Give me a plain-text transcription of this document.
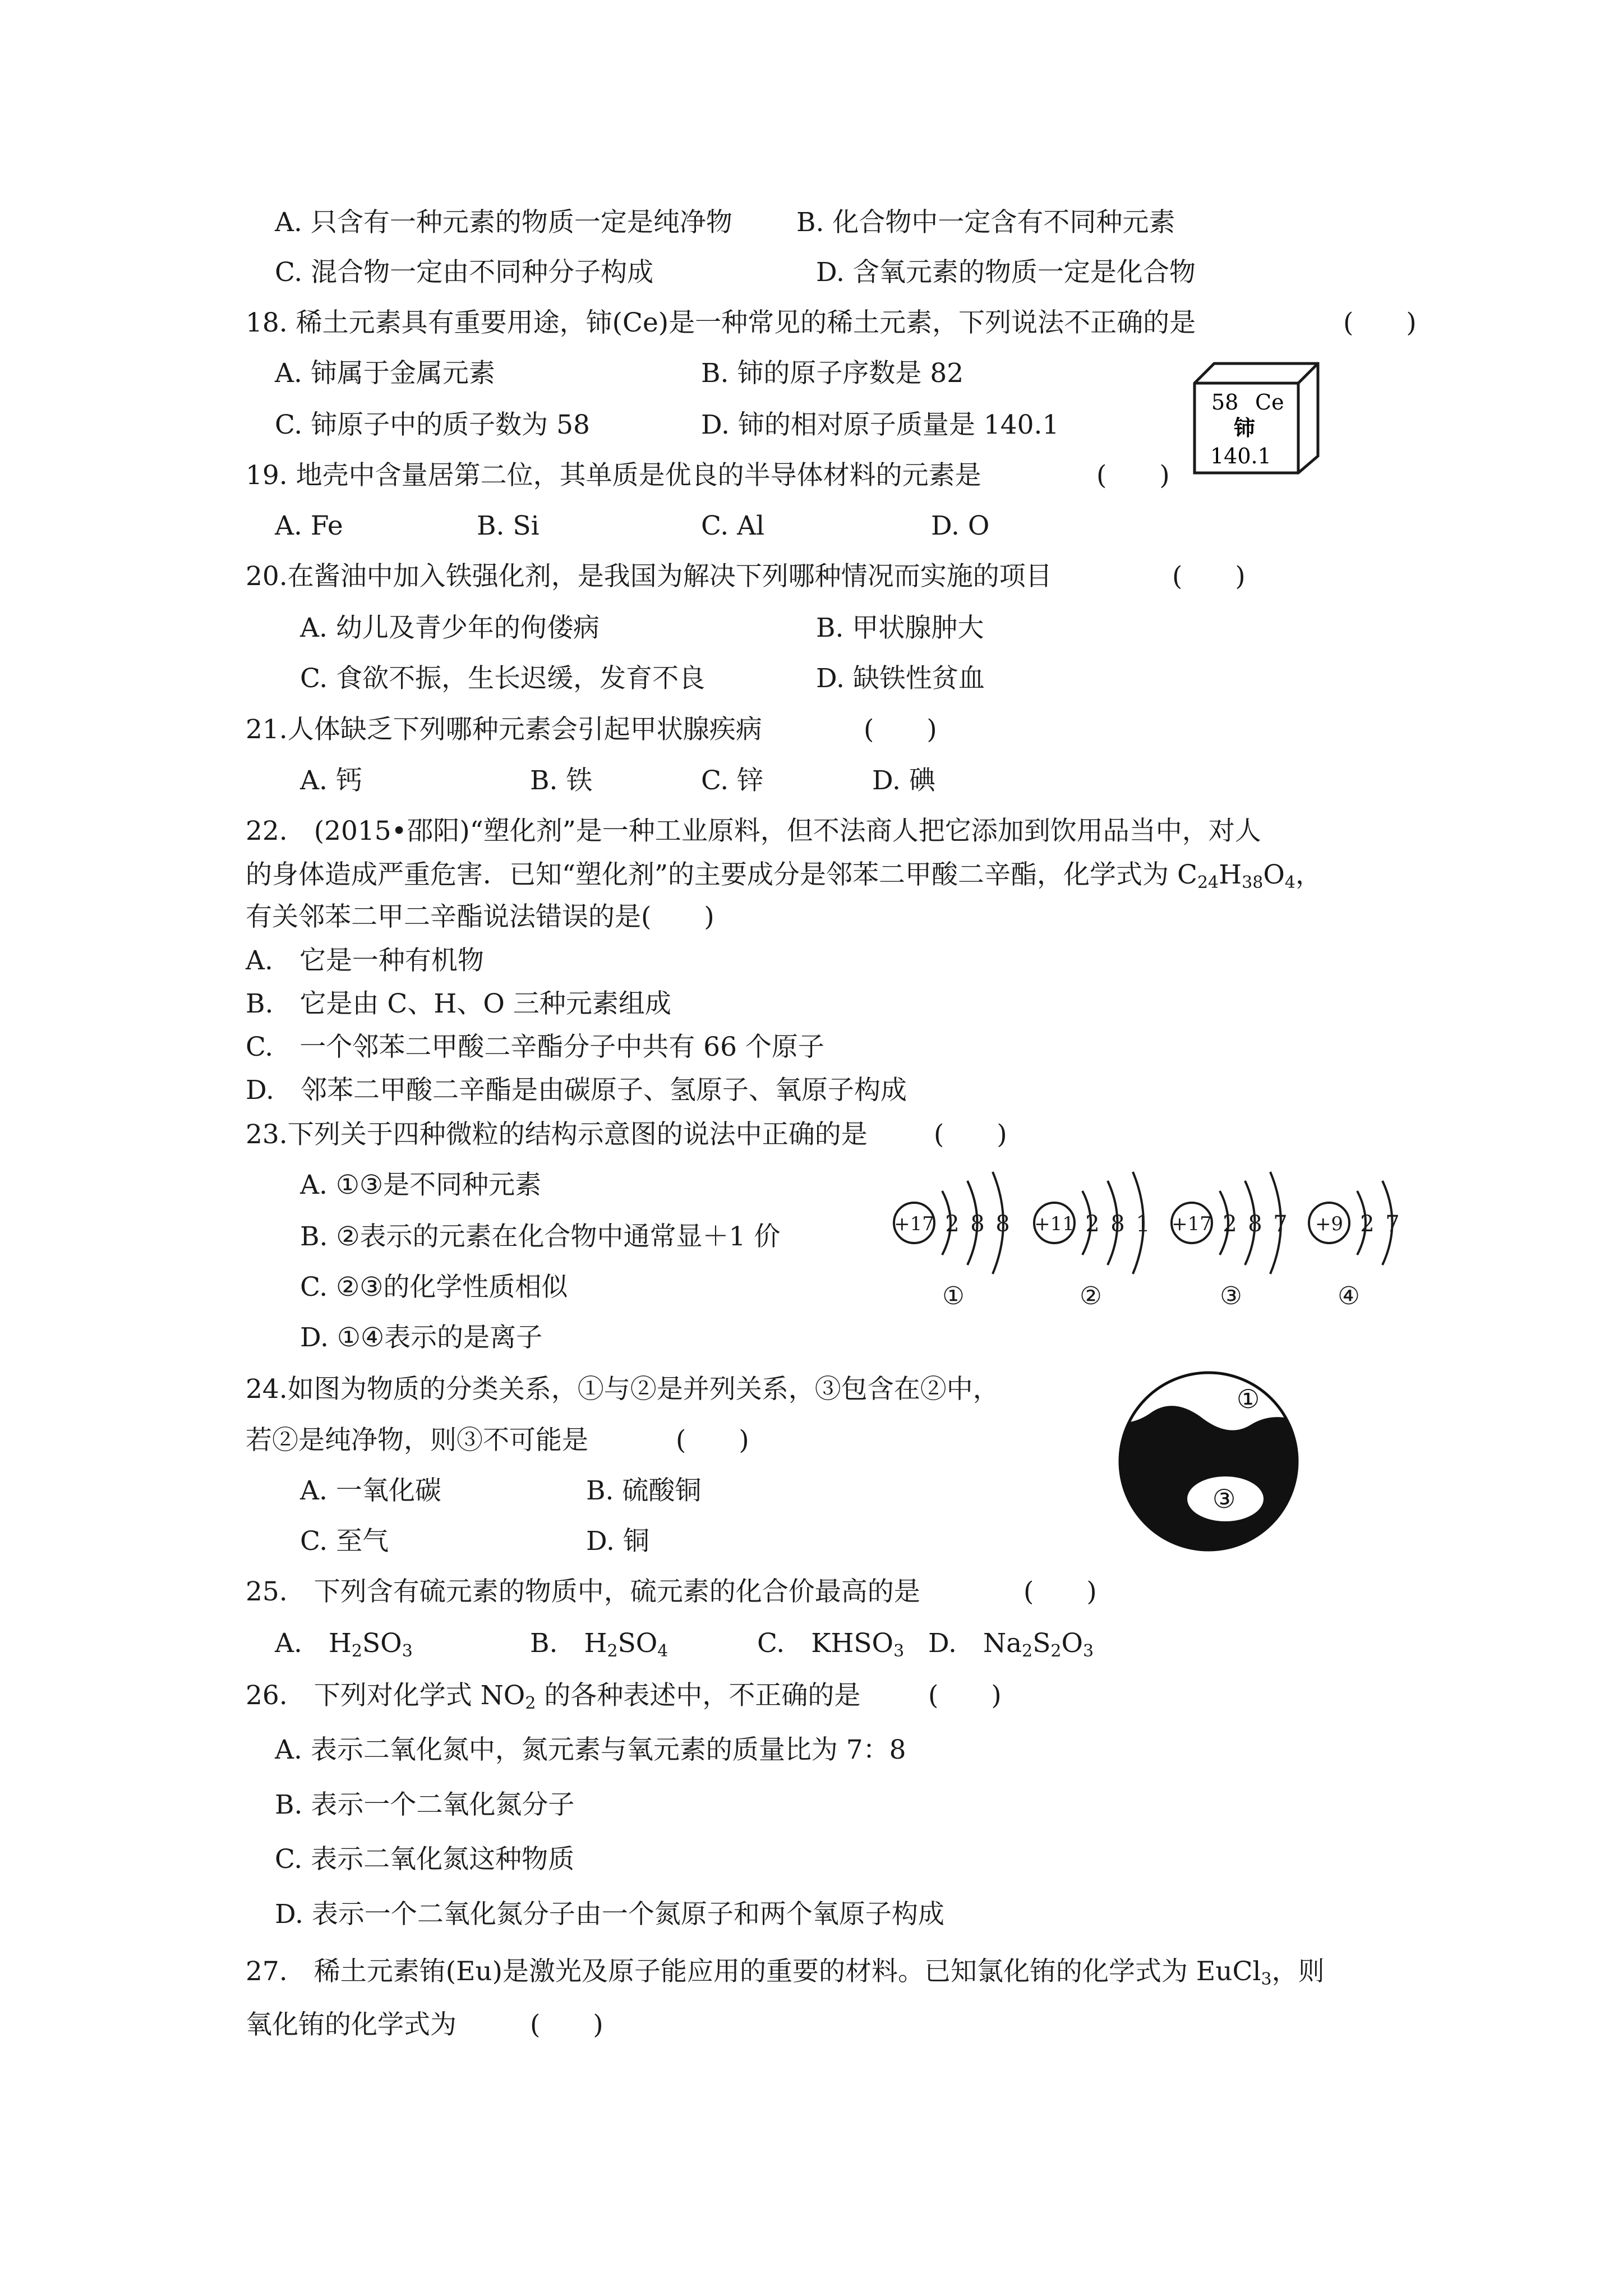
A. 只含有一种元素的物质一定是纯净物 B. 化合物中一定含有不同种元素
C. 混合物一定由不同种分子构成	D. 含氧元素的物质一定是化合物
18. 稀土元素具有重要用途，铈(Ce)是一种常见的稀土元素，下列说法不正确的是	(　　)
A. 铈属于金属元素	B. 铈的原子序数是 82
C. 铈原子中的质子数为 58	D. 铈的相对原子质量是 140.1
58 Ce
铈
140.1
19. 地壳中含量居第二位，其单质是优良的半导体材料的元素是	(　　)
A. Fe	B. Si	C. Al	D. O
20.在酱油中加入铁强化剂，是我国为解决下列哪种情况而实施的项目	(　　)
A. 幼儿及青少年的佝偻病	B. 甲状腺肿大
C. 食欲不振，生长迟缓，发育不良	D. 缺铁性贫血
21.人体缺乏下列哪种元素会引起甲状腺疾病	(　　)
A. 钙	B. 铁	C. 锌	D. 碘
22.　(2015•邵阳)“塑化剂”是一种工业原料，但不法商人把它添加到饮用品当中，对人
的身体造成严重危害．已知“塑化剂”的主要成分是邻苯二甲酸二辛酯，化学式为 $C_{24}H_{38}O_4$，
有关邻苯二甲二辛酯说法错误的是(　　)
A.　它是一种有机物
B.　它是由 C、H、O 三种元素组成
C.　一个邻苯二甲酸二辛酯分子中共有 66 个原子
D.　邻苯二甲酸二辛酯是由碳原子、氢原子、氧原子构成
23.下列关于四种微粒的结构示意图的说法中正确的是	(　　)
A. ①③是不同种元素
B. ②表示的元素在化合物中通常显＋1 价
C. ②③的化学性质相似
D. ①④表示的是离子
+17 2 8 8
①
+11 2 8 1
②
+17 2 8 7
③
+9 2 7
④
24.如图为物质的分类关系，①与②是并列关系，③包含在②中，
若②是纯净物，则③不可能是	(　　)
A. 一氧化碳	B. 硫酸铜
C. 至气	D. 铜
①
③
25.　下列含有硫元素的物质中，硫元素的化合价最高的是	(　　)
A.　$H_2SO_3$	B.　$H_2SO_4$	C.　$KHSO_3$ D.　$Na_2S_2O_3$
26.　下列对化学式 $NO_2$ 的各种表述中，不正确的是	(　　)
A. 表示二氧化氮中，氮元素与氧元素的质量比为 7：8
B. 表示一个二氧化氮分子
C. 表示二氧化氮这种物质
D. 表示一个二氧化氮分子由一个氮原子和两个氧原子构成
27.　稀土元素铕(Eu)是激光及原子能应用的重要的材料。已知氯化铕的化学式为 EuCl$_3$，则
氧化铕的化学式为	(　　)
